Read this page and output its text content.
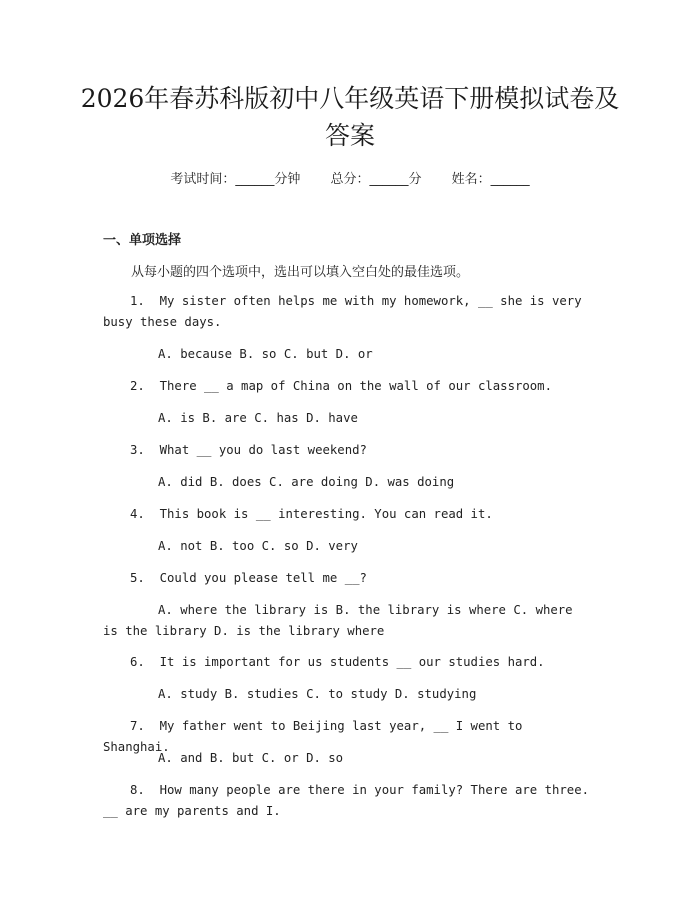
2026年春苏科版初中八年级英语下册模拟试卷及答案
考试时间：______分钟 总分：______分 姓名：______
一、单项选择
从每小题的四个选项中，选出可以填入空白处的最佳选项。
1.  My sister often helps me with my homework, __ she is very busy these days.
A. because B. so C. but D. or
2.  There __ a map of China on the wall of our classroom.
A. is B. are C. has D. have
3.  What __ you do last weekend?
A. did B. does C. are doing D. was doing
4.  This book is __ interesting. You can read it.
A. not B. too C. so D. very
5.  Could you please tell me __?
A. where the library is B. the library is where C. where is the library D. is the library where
6.  It is important for us students __ our studies hard.
A. study B. studies C. to study D. studying
7.  My father went to Beijing last year, __ I went to Shanghai.
A. and B. but C. or D. so
8.  How many people are there in your family? There are three. __ are my parents and I.
